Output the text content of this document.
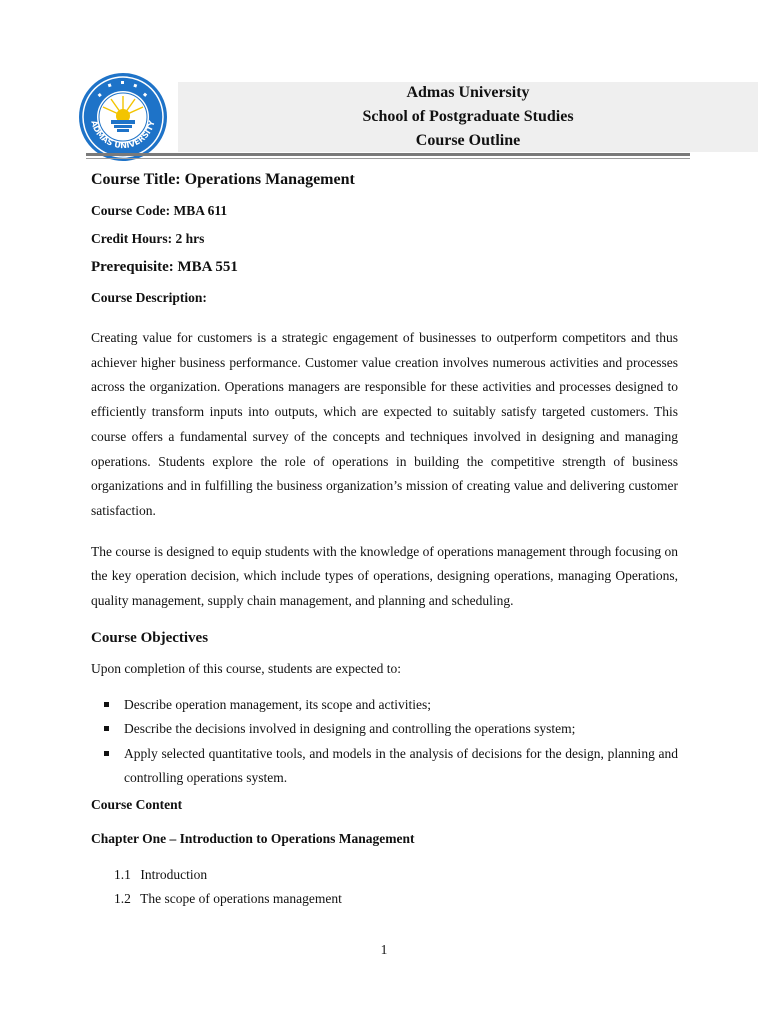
ADMAS UNIVERSITY
Admas University
School of Postgraduate Studies
Course Outline
Course Title: Operations Management
Course Code: MBA 611
Credit Hours: 2 hrs
Prerequisite: MBA 551
Course Description:

Creating value for customers is a strategic engagement of businesses to outperform competitors and thus achiever higher business performance. Customer value creation involves numerous activities and processes across the organization. Operations managers are responsible for these activities and processes designed to efficiently transform inputs into outputs, which are expected to suitably satisfy targeted customers. This course offers a fundamental survey of the concepts and techniques involved in designing and managing operations. Students explore the role of operations in building the competitive strength of business organizations and in fulfilling the business organization’s mission of creating value and delivering customer satisfaction.

The course is designed to equip students with the knowledge of operations management through focusing on the key operation decision, which include types of operations, designing operations, managing Operations, quality management, supply chain management, and planning and scheduling.

Course Objectives
Upon completion of this course, students are expected to:
Describe operation management, its scope and activities;
Describe the decisions involved in designing and controlling the operations system;
Apply selected quantitative tools, and models in the analysis of decisions for the design, planning and controlling operations system.
Course Content
Chapter One – Introduction to Operations Management
1.1 Introduction
1.2 The scope of operations management
1
